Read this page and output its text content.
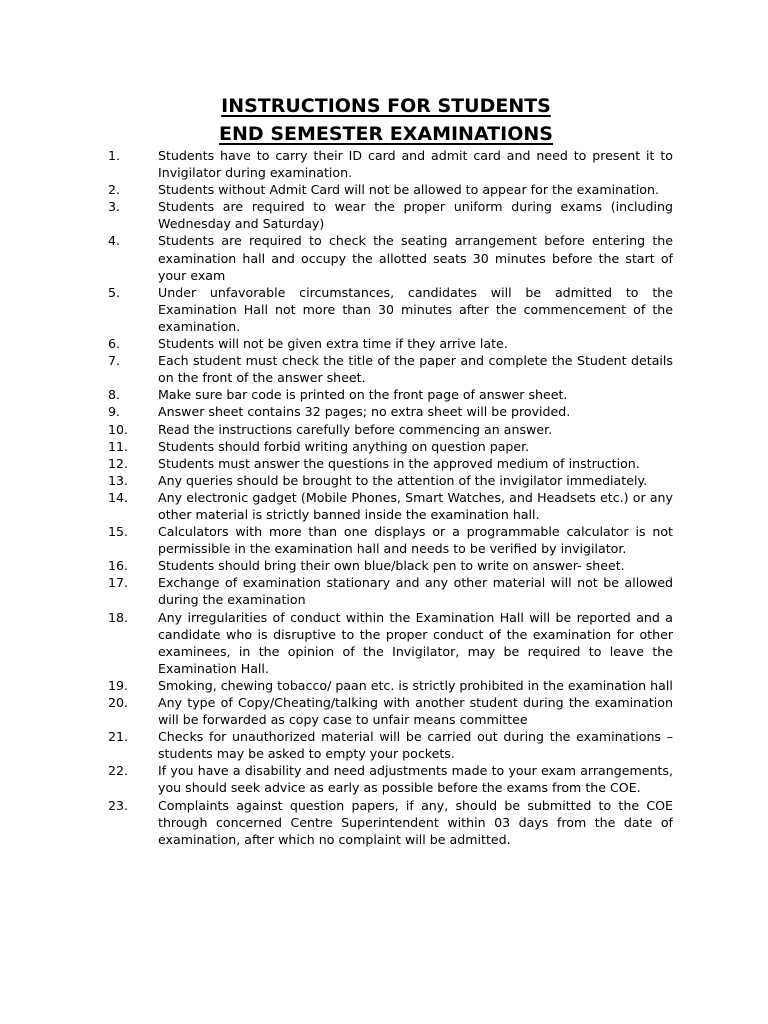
INSTRUCTIONS FOR STUDENTS
END SEMESTER EXAMINATIONS
1.	Students have to carry their ID card and admit card and need to present it to Invigilator during examination.
2.	Students without Admit Card will not be allowed to appear for the examination.
3.	Students are required to wear the proper uniform during exams (including Wednesday and Saturday)
4.	Students are required to check the seating arrangement before entering the examination hall and occupy the allotted seats 30 minutes before the start of your exam
5.	Under unfavorable circumstances, candidates will be admitted to the Examination Hall not more than 30 minutes after the commencement of the examination.
6.	Students will not be given extra time if they arrive late.
7.	Each student must check the title of the paper and complete the Student details on the front of the answer sheet.
8.	Make sure bar code is printed on the front page of answer sheet.
9.	Answer sheet contains 32 pages; no extra sheet will be provided.
10.	Read the instructions carefully before commencing an answer.
11.	Students should forbid writing anything on question paper.
12.	Students must answer the questions in the approved medium of instruction.
13.	Any queries should be brought to the attention of the invigilator immediately.
14.	Any electronic gadget (Mobile Phones, Smart Watches, and Headsets etc.) or any other material is strictly banned inside the examination hall.
15.	Calculators with more than one displays or a programmable calculator is not permissible in the examination hall and needs to be verified by invigilator.
16.	Students should bring their own blue/black pen to write on answer- sheet.
17.	Exchange of examination stationary and any other material will not be allowed during the examination
18.	Any irregularities of conduct within the Examination Hall will be reported and a candidate who is disruptive to the proper conduct of the examination for other examinees, in the opinion of the Invigilator, may be required to leave the Examination Hall.
19.	Smoking, chewing tobacco/ paan etc. is strictly prohibited in the examination hall
20.	Any type of Copy/Cheating/talking with another student during the examination will be forwarded as copy case to unfair means committee
21.	Checks for unauthorized material will be carried out during the examinations – students may be asked to empty your pockets.
22.	If you have a disability and need adjustments made to your exam arrangements, you should seek advice as early as possible before the exams from the COE.
23.	Complaints against question papers, if any, should be submitted to the COE through concerned Centre Superintendent within 03 days from the date of examination, after which no complaint will be admitted.
